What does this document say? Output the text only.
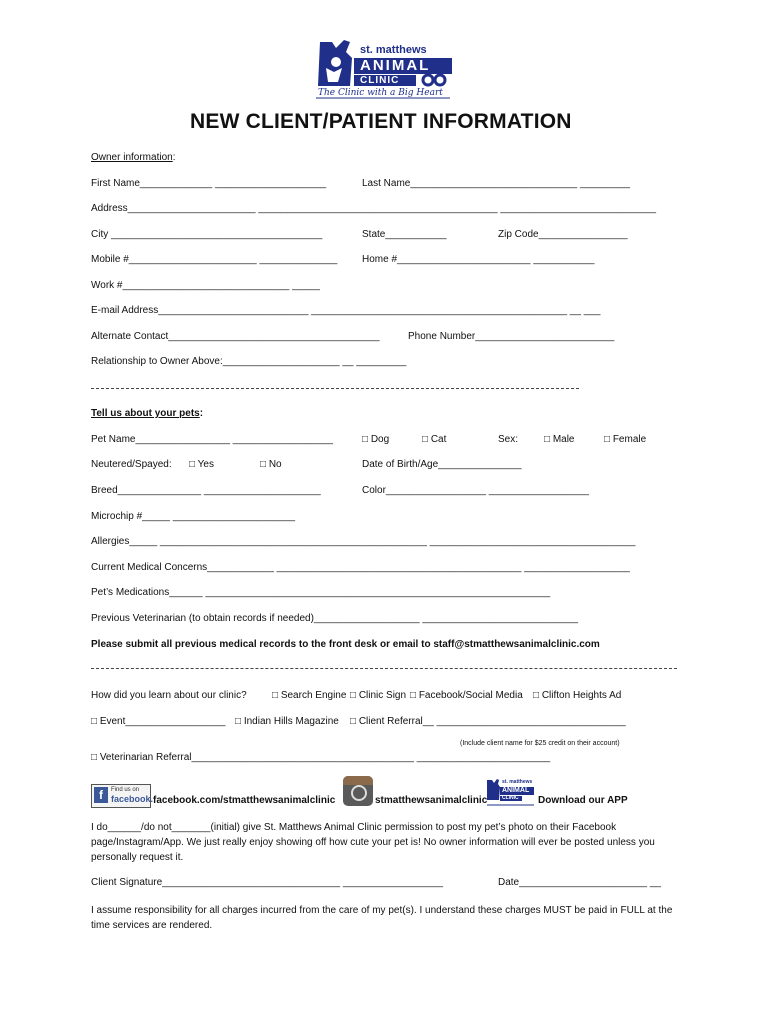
st. matthews
ANIMAL
CLINIC
The Clinic with a Big Heart
NEW CLIENT/PATIENT INFORMATION
Owner information:
First Name_____________ ____________________	Last Name______________________________ _________
Address_______________________ ___________________________________________ ____________________________
City ______________________________________	State___________	Zip Code________________
Mobile #_______________________ ______________ Home #________________________ ___________
Work #______________________________ _____
E-mail Address___________________________ ______________________________________________ __ ___
Alternate Contact______________________________________	Phone Number_________________________
Relationship to Owner Above:_____________________ __ _________
Tell us about your pets:
Pet Name_________________ __________________	□ Dog	□ Cat	Sex:	□ Male	□ Female
Neutered/Spayed: □ Yes	□ No	Date of Birth/Age_______________
Breed_______________ _____________________	Color__________________ __________________
Microchip #_____ ______________________
Allergies_____ ________________________________________________ _____________________________________
Current Medical Concerns____________ ____________________________________________ ___________________
Pet’s Medications______ ______________________________________________________________
Previous Veterinarian (to obtain records if needed)___________________ ____________________________
Please submit all previous medical records to the front desk or email to staff@stmatthewsanimalclinic.com
How did you learn about our clinic?	□ Search Engine □ Clinic Sign □ Facebook/Social Media □ Clifton Heights Ad
□ Event__________________ □ Indian Hills Magazine □ Client Referral__ __________________________________
(Include client name for $25 credit on their account)
□ Veterinarian Referral________________________________________ ________________________
f	Find us on
facebook. facebook.com/stmatthewsanimalclinic	stmatthewsanimalclinic
st. matthews
ANIMAL
CLINIC Download our APP
I do______/do not_______(initial) give St. Matthews Animal Clinic permission to post my pet’s photo on their Facebook page/Instagram/App. We just really enjoy showing off how cute your pet is! No owner information will ever be posted unless you personally request it.
Client Signature________________________________ __________________	Date_______________________ __
I assume responsibility for all charges incurred from the care of my pet(s). I understand these charges MUST be paid in FULL at the time services are rendered.
